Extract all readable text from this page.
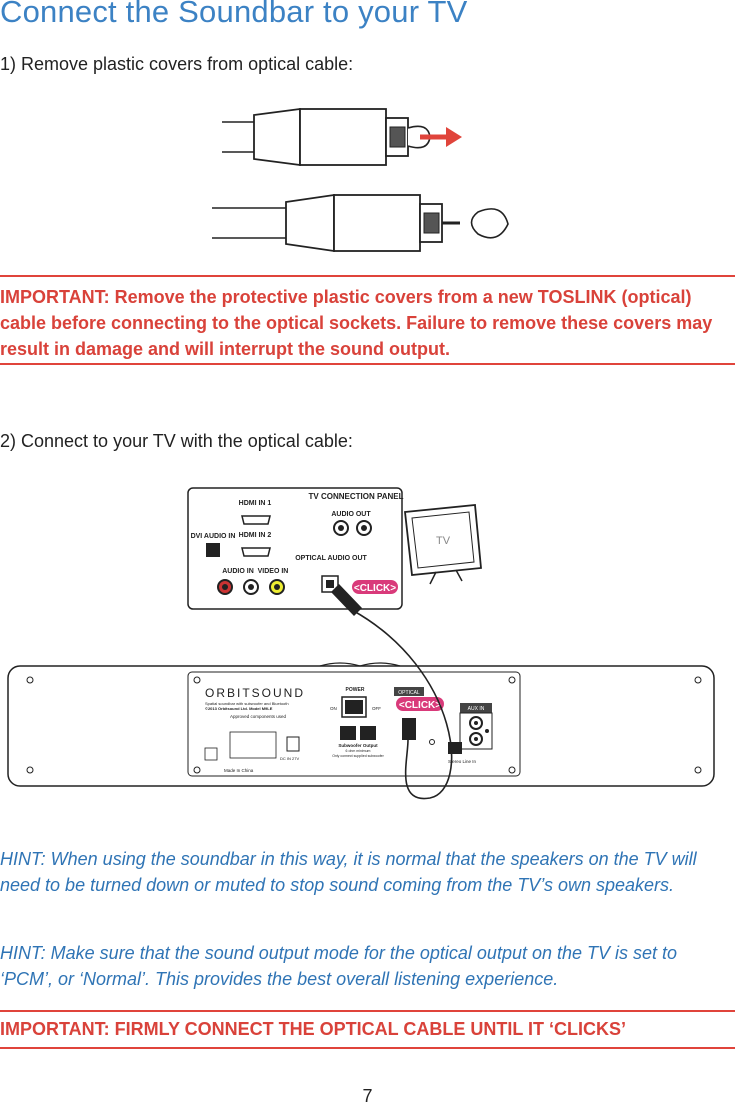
Connect the Soundbar to your TV
1) Remove plastic covers from optical cable:
IMPORTANT: Remove the protective plastic covers from a new TOSLINK (optical) cable before connecting to the optical sockets. Failure to remove these covers may result in damage and will interrupt the sound output.
2) Connect to your TV with the optical cable:
TV CONNECTION PANEL
HDMI IN 1
HDMI IN 2
DVI AUDIO IN
AUDIO OUT
OPTICAL AUDIO OUT
AUDIO IN VIDEO IN
<CLICK>
TV
ORBITSOUND
Spatial soundbar with subwoofer and Bluetooth
©2013 Orbitsound Ltd. Model M9LE
Approved components used
Made In China
DC IN 27V
POWER
ON	OFF
Subwoofer Output
6 ohm minimum
Only connect supplied subwoofer
OPTICAL
<CLICK>	AUX IN
Stereo Line In
HINT: When using the soundbar in this way, it is normal that the speakers on the TV will need to be turned down or muted to stop sound coming from the TV’s own speakers.
HINT: Make sure that the sound output mode for the optical output on the TV is set to ‘PCM’, or ‘Normal’. This provides the best overall listening experience.
IMPORTANT: FIRMLY CONNECT THE OPTICAL CABLE UNTIL IT ‘CLICKS’
7
